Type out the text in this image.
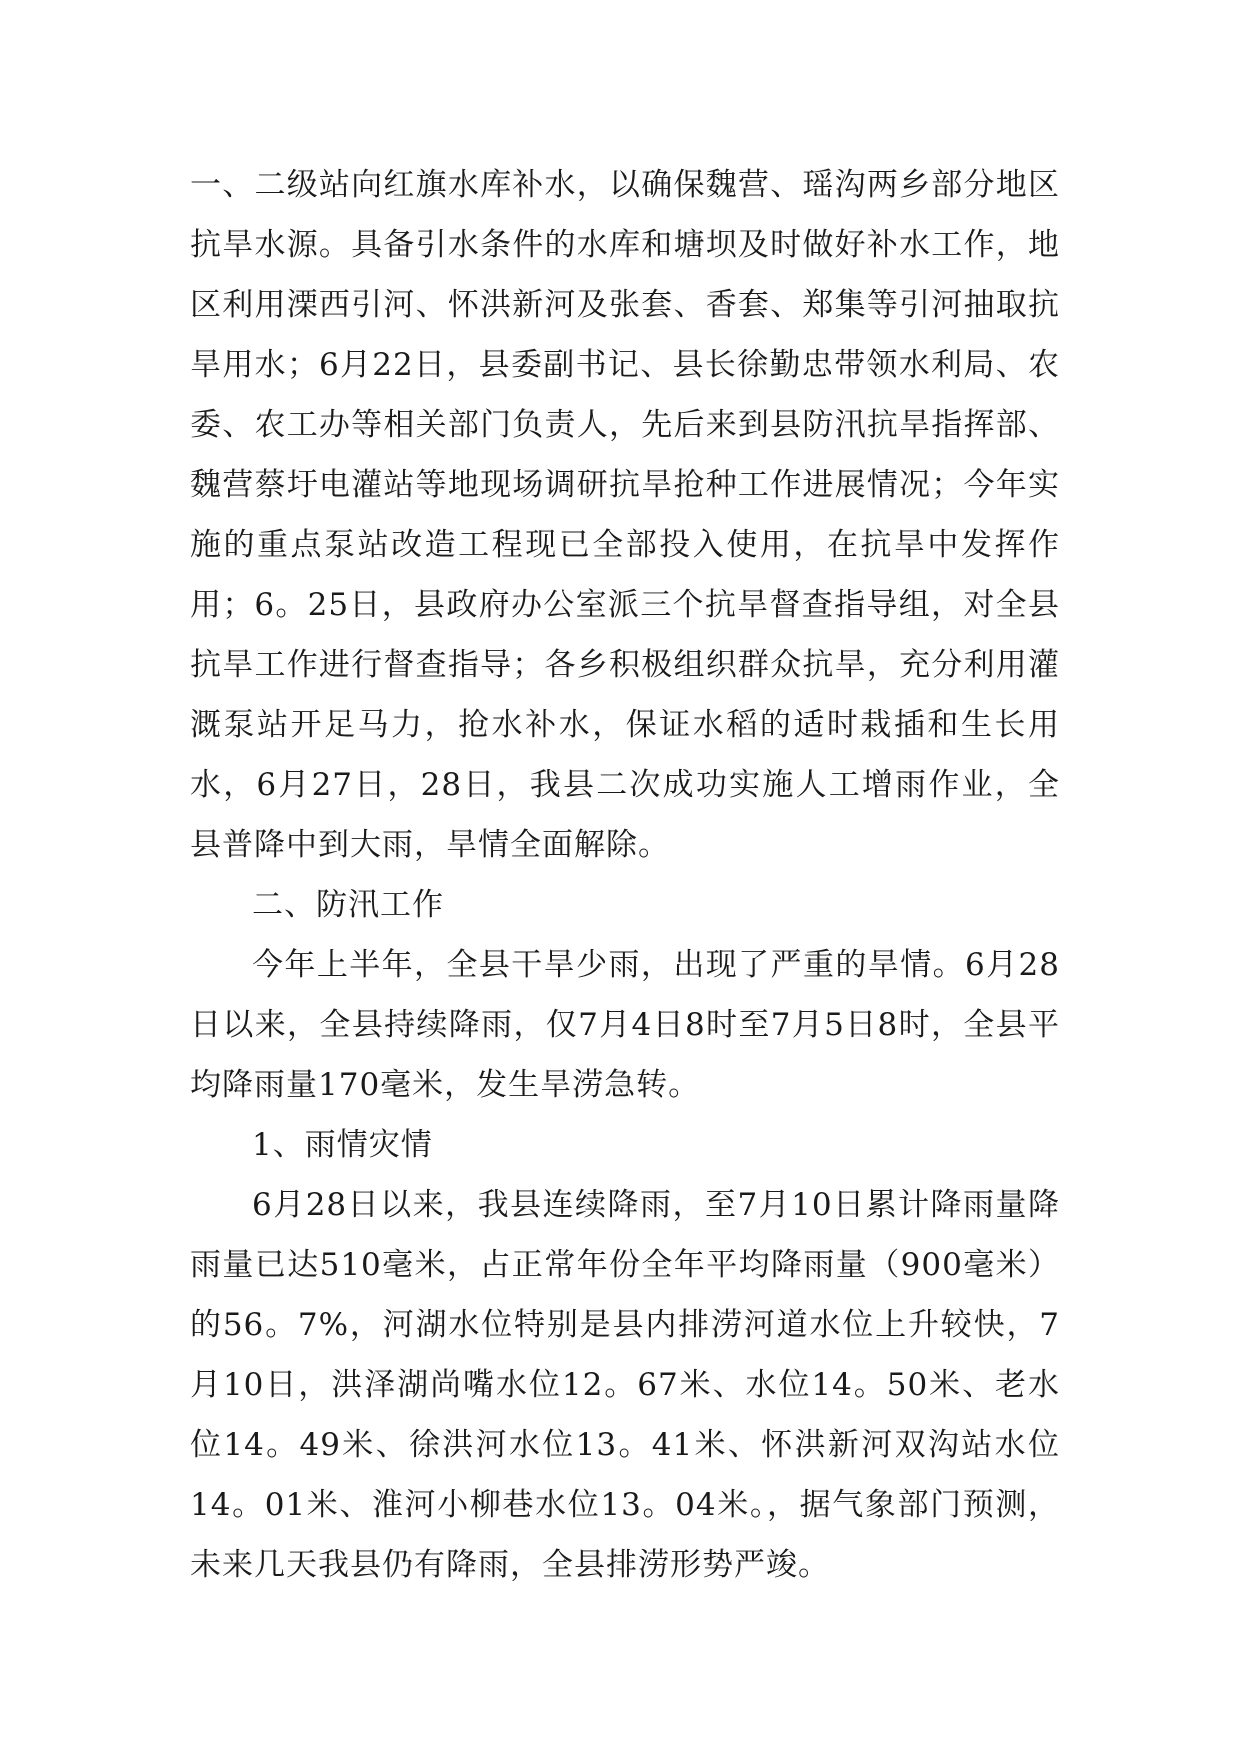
一、二级站向红旗水库补水，以确保魏营、瑶沟两乡部分地区抗旱水源。具备引水条件的水库和塘坝及时做好补水工作，地区利用溧西引河、怀洪新河及张套、香套、郑集等引河抽取抗旱用水；6月22日，县委副书记、县长徐勤忠带领水利局、农委、农工办等相关部门负责人，先后来到县防汛抗旱指挥部、魏营蔡圩电灌站等地现场调研抗旱抢种工作进展情况；今年实施的重点泵站改造工程现已全部投入使用，在抗旱中发挥作用；6。25日，县政府办公室派三个抗旱督查指导组，对全县抗旱工作进行督查指导；各乡积极组织群众抗旱，充分利用灌溉泵站开足马力，抢水补水，保证水稻的适时栽插和生长用水，6月27日，28日，我县二次成功实施人工增雨作业，全县普降中到大雨，旱情全面解除。

二、防汛工作

今年上半年，全县干旱少雨，出现了严重的旱情。6月28日以来，全县持续降雨，仅7月4日8时至7月5日8时，全县平均降雨量170毫米，发生旱涝急转。

1、雨情灾情

6月28日以来，我县连续降雨，至7月10日累计降雨量降雨量已达510毫米，占正常年份全年平均降雨量（900毫米）的56。7%，河湖水位特别是县内排涝河道水位上升较快，7月10日，洪泽湖尚嘴水位12。67米、水位14。50米、老水位14。49米、徐洪河水位13。41米、怀洪新河双沟站水位14。01米、淮河小柳巷水位13。04米。，据气象部门预测，未来几天我县仍有降雨，全县排涝形势严竣。
